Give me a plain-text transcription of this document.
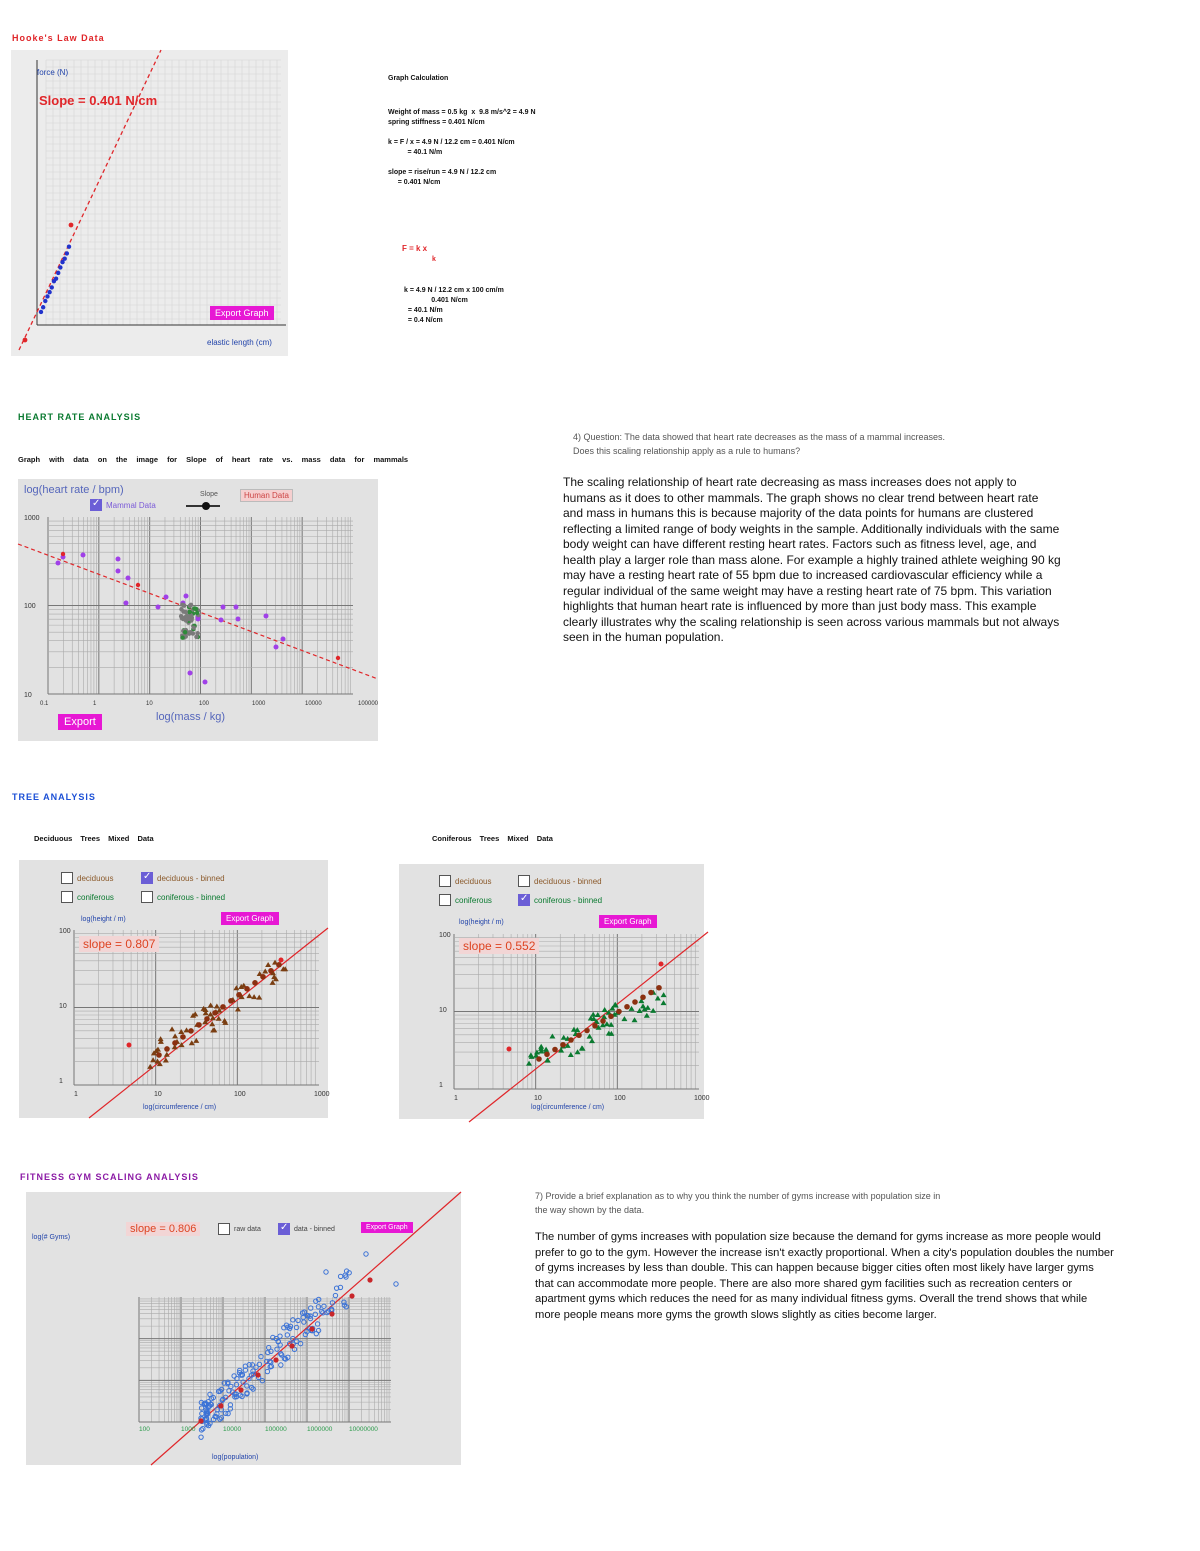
Hooke's Law Data
force (N)
Slope = 0.401 N/cm
Export Graph
elastic length (cm)
Graph Calculation
Weight of mass = 0.5 kg  x  9.8 m/s^2 = 4.9 N
spring stiffness = 0.401 N/cm

k = F / x = 4.9 N / 12.2 cm = 0.401 N/cm
= 40.1 N/m

slope = rise/run = 4.9 N / 12.2 cm
= 0.401 N/cm
F = k x
k
k = 4.9 N / 12.2 cm x 100 cm/m
0.401 N/cm
= 40.1 N/m
= 0.4 N/cm
HEART RATE ANALYSIS
Graph with data on the image for Slope of heart rate vs. mass data for mammals
1000
100
10
0.1	1	10	100	1000	10000	100000
log(heart rate / bpm)
✓
Mammal Data
Slope	Human Data
log(mass / kg)
Export
4) Question: The data showed that heart rate decreases as the mass of a mammal increases. Does this scaling relationship apply as a rule to humans?
The scaling relationship of heart rate decreasing as mass increases does not apply to humans as it does to other mammals. The graph shows no clear trend between heart rate and mass in humans this is because majority of the data points for humans are clustered reflecting a limited range of body weights in the sample. Additionally individuals with the same body weight can have different resting heart rates. Factors such as fitness level, age, and health play a larger role than mass alone. For example a highly trained athlete weighing 90 kg may have a resting heart rate of 55 bpm due to increased cardiovascular efficiency while a regular individual of the same weight may have a resting heart rate of 75 bpm. This variation highlights that human heart rate is influenced by more than just body mass. This example clearly illustrates why the scaling relationship is seen across various mammals but not always seen in the human population.
TREE ANALYSIS
Deciduous Trees Mixed Data	Coniferous Trees Mixed Data
100
10
1
1	10	100	1000
deciduous ✓	deciduous - binned
coniferous	coniferous - binned
log(height / m)	Export Graph
slope = 0.807
log(circumference / cm)
100
10
1
1	10	100	1000
deciduous	deciduous - binned
coniferous ✓	coniferous - binned
log(height / m)	Export Graph
slope = 0.552
log(circumference / cm)
FITNESS GYM SCALING ANALYSIS
100	1000	10000	100000	1000000	10000000
slope = 0.806	raw data ✓	data - binned	Export Graph
log(# Gyms)
log(population)
7) Provide a brief explanation as to why you think the number of gyms increase with population size in the way shown by the data.
The number of gyms increases with population size because the demand for gyms increase as more people would prefer to go to the gym. However the increase isn't exactly proportional. When a city's population doubles the number of gyms increases by less than double. This can happen because bigger cities often most likely have larger gyms that can accommodate more people. There are also more shared gym facilities such as recreation centers or apartment gyms which reduces the need for as many individual fitness gyms. Overall the trend shows that while more people means more gyms the growth slows slightly as cities become larger.
